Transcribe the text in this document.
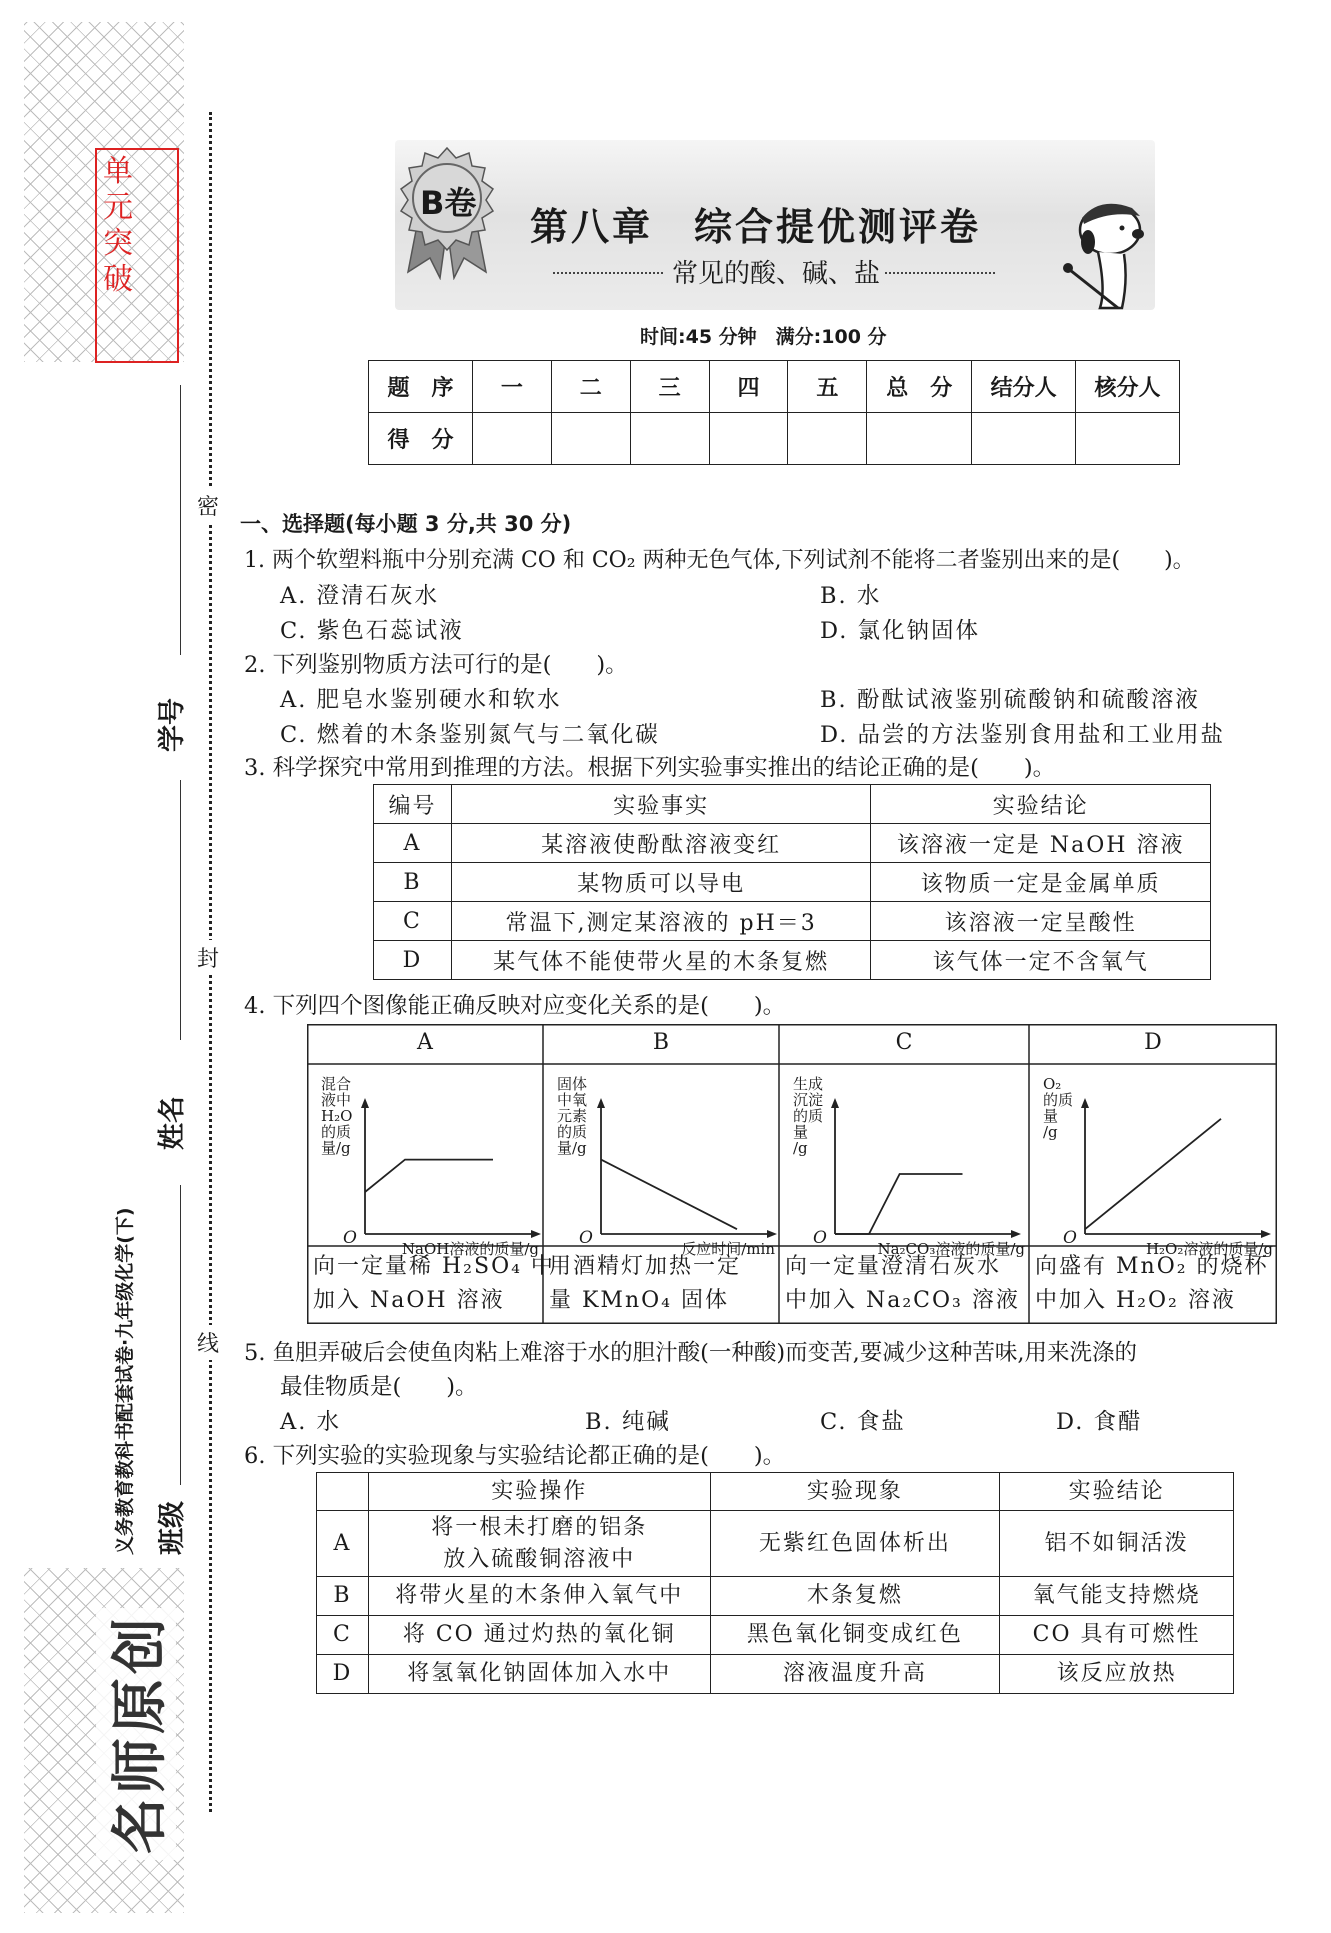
单
元
突
破
密
封
线
学号
姓名
班级
义务教育教科书配套试卷·九年级化学(下)
名师原创
B卷
第八章　综合提优测评卷
常见的酸、碱、盐
时间:45 分钟　满分:100 分
题　序	一	二	三	四	五	总　分	结分人	核分人
得　分								
一、选择题(每小题 3 分,共 30 分)
1. 两个软塑料瓶中分别充满 CO 和 CO₂ 两种无色气体,下列试剂不能将二者鉴别出来的是(　　)。
A. 澄清石灰水	B. 水
C. 紫色石蕊试液	D. 氯化钠固体
2. 下列鉴别物质方法可行的是(　　)。
A. 肥皂水鉴别硬水和软水	B. 酚酞试液鉴别硫酸钠和硫酸溶液
C. 燃着的木条鉴别氮气与二氧化碳	D. 品尝的方法鉴别食用盐和工业用盐
3. 科学探究中常用到推理的方法。根据下列实验事实推出的结论正确的是(　　)。
编号	实验事实	实验结论
A	某溶液使酚酞溶液变红	该溶液一定是 NaOH 溶液
B	某物质可以导电	该物质一定是金属单质
C	常温下,测定某溶液的 pH＝3	该溶液一定呈酸性
D	某气体不能使带火星的木条复燃	该气体一定不含氧气
4. 下列四个图像能正确反映对应变化关系的是(　　)。
A
混合
液中
H₂O
的质
量/g
O
NaOH溶液的质量/g
向一定量稀 H₂SO₄ 中
加入 NaOH 溶液
B
固体
中氧
元素
的质
量/g
O
反应时间/min
用酒精灯加热一定
量 KMnO₄ 固体
C
生成
沉淀
的质
量
/g
O
Na₂CO₃溶液的质量/g
向一定量澄清石灰水
中加入 Na₂CO₃ 溶液
D
O₂
的质
量
/g
O
H₂O₂溶液的质量/g
向盛有 MnO₂ 的烧杯
中加入 H₂O₂ 溶液
5. 鱼胆弄破后会使鱼肉粘上难溶于水的胆汁酸(一种酸)而变苦,要减少这种苦味,用来洗涤的
最佳物质是(　　)。
A. 水	B. 纯碱	C. 食盐	D. 食醋
6. 下列实验的实验现象与实验结论都正确的是(　　)。
	实验操作	实验现象	实验结论
A	将一根未打磨的铝条
放入硫酸铜溶液中	无紫红色固体析出	铝不如铜活泼
B	将带火星的木条伸入氧气中	木条复燃	氧气能支持燃烧
C	将 CO 通过灼热的氧化铜	黑色氧化铜变成红色	CO 具有可燃性
D	将氢氧化钠固体加入水中	溶液温度升高	该反应放热
